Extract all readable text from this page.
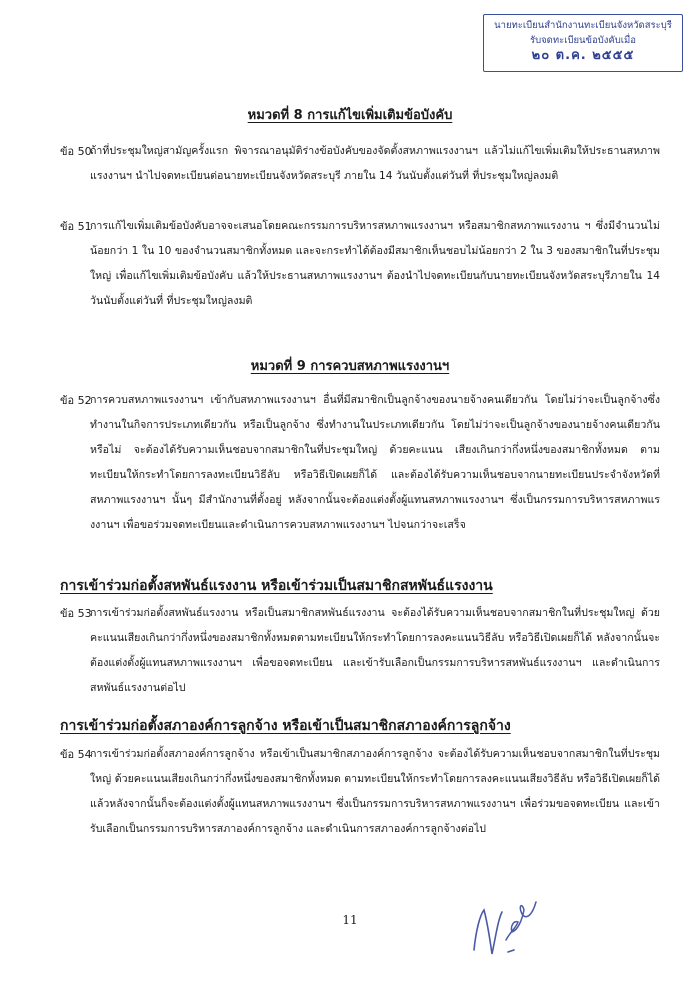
นายทะเบียนสำนักงานทะเบียนจังหวัดสระบุรี
รับจดทะเบียนข้อบังคับเมื่อ
๒๐ ต.ค. ๒๕๕๕
หมวดที่ 8 การแก้ไขเพิ่มเติมข้อบังคับ
ข้อ 50
ถ้าที่ประชุมใหญ่สามัญครั้งแรก พิจารณาอนุมัติร่างข้อบังคับของจัดตั้งสหภาพแรงงานฯ แล้วไม่แก้ไขเพิ่มเติมให้ประธานสหภาพแรงงานฯ นำไปจดทะเบียนต่อนายทะเบียนจังหวัดสระบุรี ภายใน 14 วันนับตั้งแต่วันที่ ที่ประชุมใหญ่ลงมติ
ข้อ 51
การแก้ไขเพิ่มเติมข้อบังคับอาจจะเสนอโดยคณะกรรมการบริหารสหภาพแรงงานฯ หรือสมาชิกสหภาพแรงงาน ฯ ซึ่งมีจำนวนไม่น้อยกว่า 1 ใน 10 ของจำนวนสมาชิกทั้งหมด และจะกระทำได้ต้องมีสมาชิกเห็นชอบไม่น้อยกว่า 2 ใน 3 ของสมาชิกในที่ประชุมใหญ่ เพื่อแก้ไขเพิ่มเติมข้อบังคับ แล้วให้ประธานสหภาพแรงงานฯ ต้องนำไปจดทะเบียนกับนายทะเบียนจังหวัดสระบุรีภายใน 14 วันนับตั้งแต่วันที่ ที่ประชุมใหญ่ลงมติ
หมวดที่ 9 การควบสหภาพแรงงานฯ
ข้อ 52
การควบสหภาพแรงงานฯ เข้ากับสหภาพแรงงานฯ อื่นที่มีสมาชิกเป็นลูกจ้างของนายจ้างคนเดียวกัน โดยไม่ว่าจะเป็นลูกจ้างซึ่งทำงานในกิจการประเภทเดียวกัน หรือเป็นลูกจ้าง ซึ่งทำงานในประเภทเดียวกัน โดยไม่ว่าจะเป็นลูกจ้างของนายจ้างคนเดียวกันหรือไม่ จะต้องได้รับความเห็นชอบจากสมาชิกในที่ประชุมใหญ่ ด้วยคะแนน เสียงเกินกว่ากึ่งหนึ่งของสมาชิกทั้งหมด ตามทะเบียนให้กระทำโดยการลงทะเบียนวิธีลับ หรือวิธีเปิดเผยก็ได้ และต้องได้รับความเห็นชอบจากนายทะเบียนประจำจังหวัดที่สหภาพแรงงานฯ นั้นๆ มีสำนักงานที่ตั้งอยู่ หลังจากนั้นจะต้องแต่งตั้งผู้แทนสหภาพแรงงานฯ ซึ่งเป็นกรรมการบริหารสหภาพแรงงานฯ เพื่อขอร่วมจดทะเบียนและดำเนินการควบสหภาพแรงงานฯ ไปจนกว่าจะเสร็จ
การเข้าร่วมก่อตั้งสหพันธ์แรงงาน หรือเข้าร่วมเป็นสมาชิกสหพันธ์แรงงาน
ข้อ 53
การเข้าร่วมก่อตั้งสหพันธ์แรงงาน หรือเป็นสมาชิกสหพันธ์แรงงาน จะต้องได้รับความเห็นชอบจากสมาชิกในที่ประชุมใหญ่ ด้วยคะแนนเสียงเกินกว่ากึ่งหนึ่งของสมาชิกทั้งหมดตามทะเบียนให้กระทำโดยการลงคะแนนวิธีลับ หรือวิธีเปิดเผยก็ได้ หลังจากนั้นจะต้องแต่งตั้งผู้แทนสหภาพแรงงานฯ เพื่อขอจดทะเบียน และเข้ารับเลือกเป็นกรรมการบริหารสหพันธ์แรงงานฯ และดำเนินการสหพันธ์แรงงานต่อไป
การเข้าร่วมก่อตั้งสภาองค์การลูกจ้าง หรือเข้าเป็นสมาชิกสภาองค์การลูกจ้าง
ข้อ 54
การเข้าร่วมก่อตั้งสภาองค์การลูกจ้าง หรือเข้าเป็นสมาชิกสภาองค์การลูกจ้าง จะต้องได้รับความเห็นชอบจากสมาชิกในที่ประชุมใหญ่ ด้วยคะแนนเสียงเกินกว่ากึ่งหนึ่งของสมาชิกทั้งหมด ตามทะเบียนให้กระทำโดยการลงคะแนนเสียงวิธีลับ หรือวิธีเปิดเผยก็ได้ แล้วหลังจากนั้นก็จะต้องแต่งตั้งผู้แทนสหภาพแรงงานฯ ซึ่งเป็นกรรมการบริหารสหภาพแรงงานฯ เพื่อร่วมขอจดทะเบียน และเข้ารับเลือกเป็นกรรมการบริหารสภาองค์การลูกจ้าง และดำเนินการสภาองค์การลูกจ้างต่อไป
11
